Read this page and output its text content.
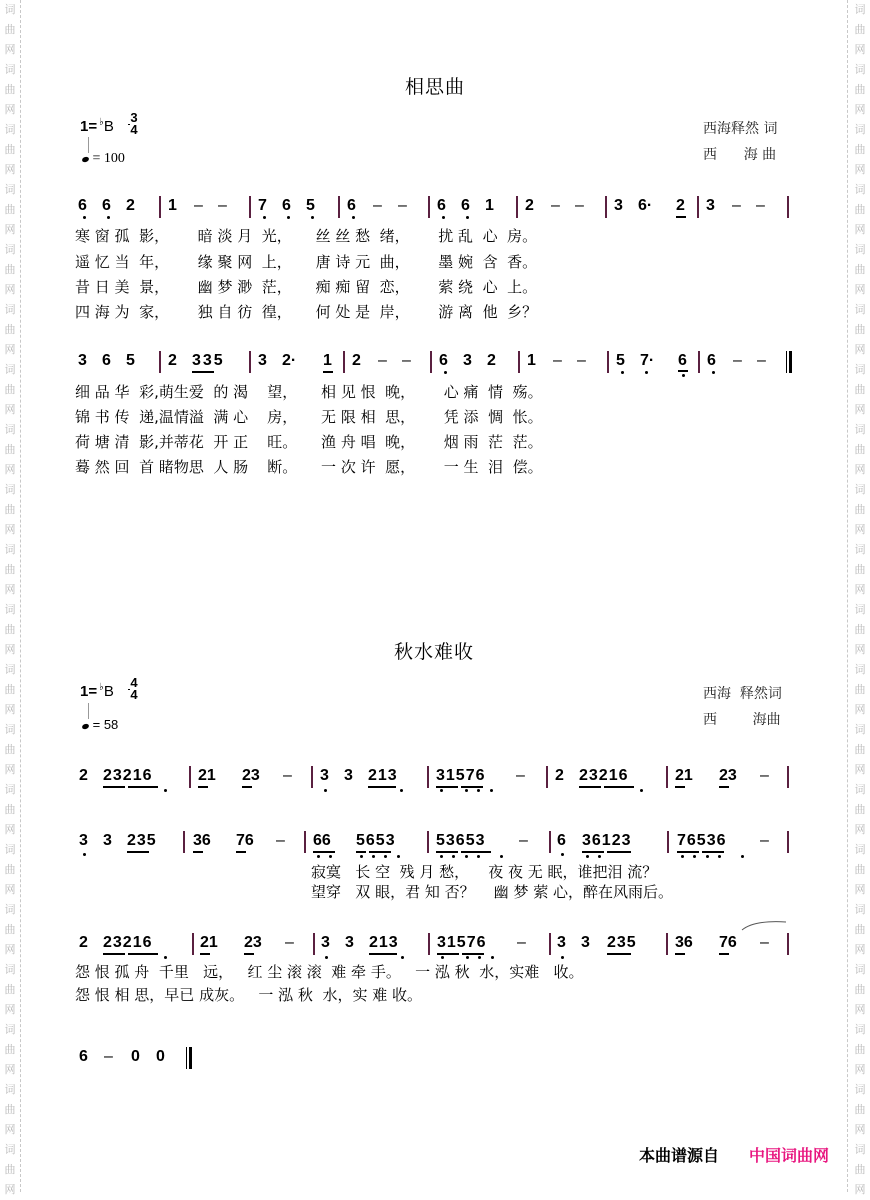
词
曲
网
词
曲
网
词
曲
网
词
曲
网
词
曲
网
词
曲
网
词
曲
网
词
曲
网
词
曲
网
词
曲
网
词
曲
网
词
曲
网
词
曲
网
词
曲
网
词
曲
网
词
曲
网
词
曲
网
词
曲
网
词
曲
网
词
曲
网
词
曲
网
词
曲
网
词
曲
网
词
曲
网
词
曲
网
词
曲
网
词
曲
网
词
曲
网
词
曲
网
词
曲
网
词
曲
网
词
曲
网
词
曲
网
词
曲
网
词
曲
网
词
曲
网
词
曲
网
词
曲
网
词
曲
网
词
曲
网
相思曲
1= ♭B
3
4
= 100
西海释然 词
西      海 曲
6 6 2 1 – – 7 6 5 6 – – 6 6 1 2 – – 3 6· 2 3 – –
寒 窗 孤  影，      暗 淡 月  光，     丝 丝 愁  绪，      扰 乱  心  房。
遥 忆 当  年，      缘 聚 网  上，     唐 诗 元  曲，      墨 婉  含  香。
昔 日 美  景，      幽 梦 渺  茫，     痴 痴 留  恋，      萦 绕  心  上。
四 海 为  家，      独 自 彷  徨，     何 处 是  岸，      游 离  他  乡？
3 6 5 2 335 3 2· 1 2 – – 6 3 2 1 – – 5 7· 6 6 – –
细 品 华  彩,萌生爱  的 渴    望，     相 见 恨  晚，      心 痛  情  殇。
锦 书 传  递,温情溢  满 心    房，     无 限 相  思，      凭 添  惆  怅。
荷 塘 清  影,并蒂花  开 正    旺。     渔 舟 唱  晚，      烟 雨  茫  茫。
蓦 然 回  首 睹物思  人 肠    断。     一 次 许  愿，      一 生  泪  偿。
秋水难收
1= ♭B
4
4
= 58
西海  释然词
西        海曲
2 23216	21 23 – 3 3 213 31576 – 2 23216	21 23 –
3 3 235 36 76 – 66 5653	53653 – 6 36123	76536 –
寂寞   长 空  残 月 愁，    夜 夜 无 眠，谁把泪 流？
望穿   双 眼，君 知 否？    幽 梦 萦 心，醉在风雨后。
2 23216	21 23 – 3 3 213 31576 – 3 3 235 36 76 –
怨 恨 孤 舟  千里   远，   红 尘 滚 滚  难 牵 手。   一 泓 秋  水，实难   收。
怨 恨 相 思，早已 成灰。   一 泓 秋  水，实 难 收。
6 – 0 0
本曲谱源自 中国词曲网
